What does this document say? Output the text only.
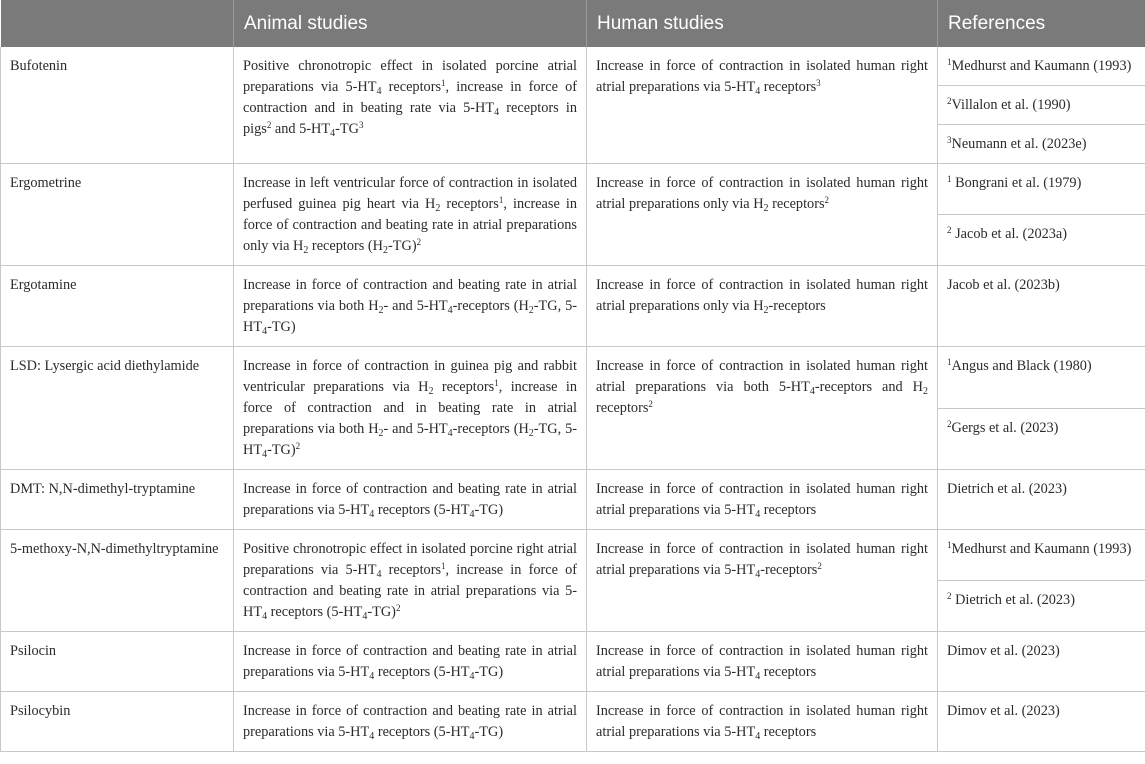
	Animal studies	Human studies	References
Bufotenin	Positive chronotropic effect in isolated porcine atrial preparations via $5-HT_4$ receptors$^1$, increase in force of contraction and in beating rate via $5-HT_4$ receptors in pigs$^2$ and $5-HT_4-TG^3$	Increase in force of contraction in isolated human right atrial preparations via $5-HT_4$ receptors$^3$	$^1$Medhurst and Kaumann (1993)
			$^2$Villalon et al. (1990)
			$^3$Neumann et al. (2023e)
Ergometrine	Increase in left ventricular force of contraction in isolated perfused guinea pig heart via $H_2$ receptors$^1$, increase in force of contraction and beating rate in atrial preparations only via $H_2$ receptors $(H_2-TG)^2$	Increase in force of contraction in isolated human right atrial preparations only via $H_2$ receptors$^2$	$^1$ Bongrani et al. (1979)
			$^2$ Jacob et al. (2023a)
Ergotamine	Increase in force of contraction and beating rate in atrial preparations via both $H_2-$ and $5-HT_4$-receptors ($H_2-TG$, $5-HT_4-TG$)	Increase in force of contraction in isolated human right atrial preparations only via $H_2$-receptors	Jacob et al. (2023b)
LSD: Lysergic acid diethylamide	Increase in force of contraction in guinea pig and rabbit ventricular preparations via $H_2$ receptors$^1$, increase in force of contraction and in beating rate in atrial preparations via both $H_2-$ and $5-HT_4$-receptors ($H_2-TG$, $5-HT_4-TG)^2$	Increase in force of contraction in isolated human right atrial preparations via both $5-HT_4$-receptors and $H_2$ receptors$^2$	$^1$Angus and Black (1980)
			$^2$Gergs et al. (2023)
DMT: N,N-dimethyl-tryptamine	Increase in force of contraction and beating rate in atrial preparations via $5-HT_4$ receptors $(5-HT_4-TG)$	Increase in force of contraction in isolated human right atrial preparations via $5-HT_4$ receptors	Dietrich et al. (2023)
5-methoxy-N,N-dimethyltryptamine	Positive chronotropic effect in isolated porcine right atrial preparations via $5-HT_4$ receptors$^1$, increase in force of contraction and beating rate in atrial preparations via $5-HT_4$ receptors $(5-HT_4-TG)^2$	Increase in force of contraction in isolated human right atrial preparations via $5-HT_4-receptors^2$	$^1$Medhurst and Kaumann (1993)
			$^2$ Dietrich et al. (2023)
Psilocin	Increase in force of contraction and beating rate in atrial preparations via $5-HT_4$ receptors $(5-HT_4-TG)$	Increase in force of contraction in isolated human right atrial preparations via $5-HT_4$ receptors	Dimov et al. (2023)
Psilocybin	Increase in force of contraction and beating rate in atrial preparations via $5-HT_4$ receptors $(5-HT_4-TG)$	Increase in force of contraction in isolated human right atrial preparations via $5-HT_4$ receptors	Dimov et al. (2023)
